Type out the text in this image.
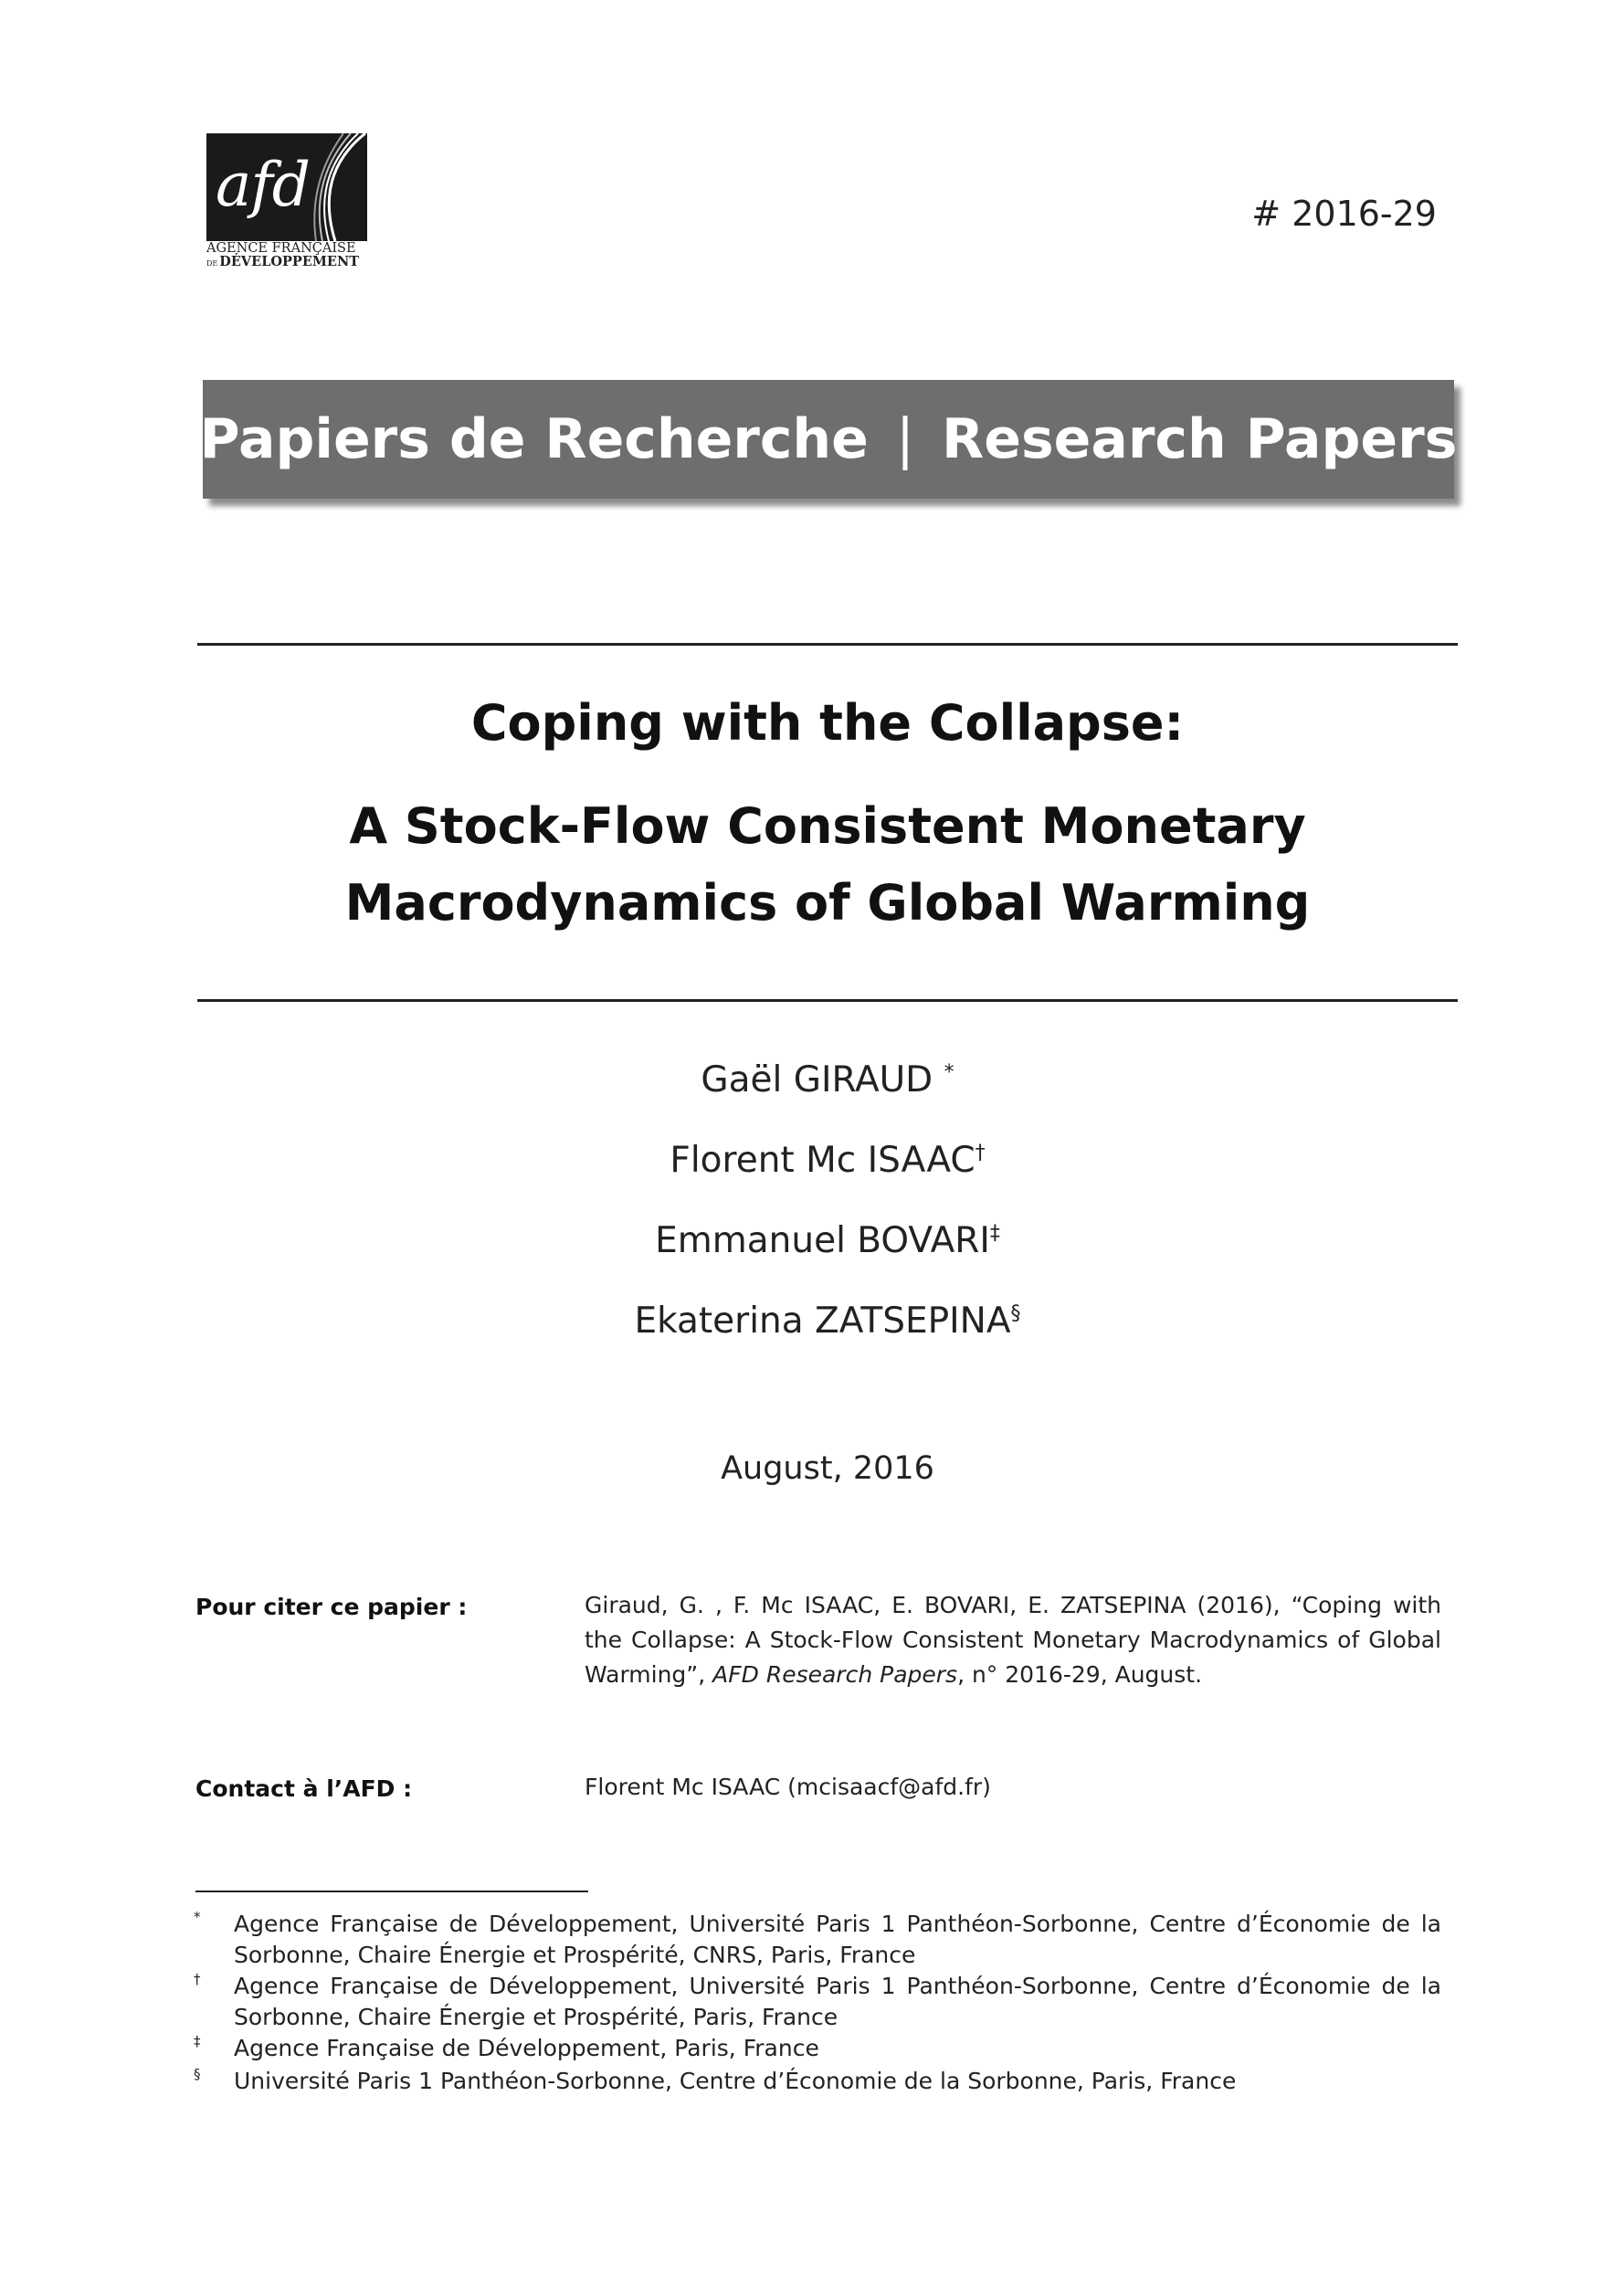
afd
AGENCE FRANÇAISE
DE DÉVELOPPEMENT
# 2016-29
Papiers de Recherche | Research Papers
Coping with the Collapse:
A Stock-Flow Consistent Monetary
Macrodynamics of Global Warming
Gaël GIRAUD *
Florent Mc ISAAC†
Emmanuel BOVARI‡
Ekaterina ZATSEPINA§
August, 2016
Pour citer ce papier :	Giraud, G. , F. Mc ISAAC, E. BOVARI, E. ZATSEPINA (2016), “Coping with the Collapse: A Stock-Flow Consistent Monetary Macrodynamics of Global Warming”, AFD Research Papers, n° 2016-29, August.
Contact à l’AFD :	Florent Mc ISAAC (mcisaacf@afd.fr)
* Agence Française de Développement, Université Paris 1 Panthéon-Sorbonne, Centre d’Économie de la Sorbonne, Chaire Énergie et Prospérité, CNRS, Paris, France
† Agence Française de Développement, Université Paris 1 Panthéon-Sorbonne, Centre d’Économie de la Sorbonne, Chaire Énergie et Prospérité, Paris, France
‡ Agence Française de Développement, Paris, France
§ Université Paris 1 Panthéon-Sorbonne, Centre d’Économie de la Sorbonne, Paris, France
